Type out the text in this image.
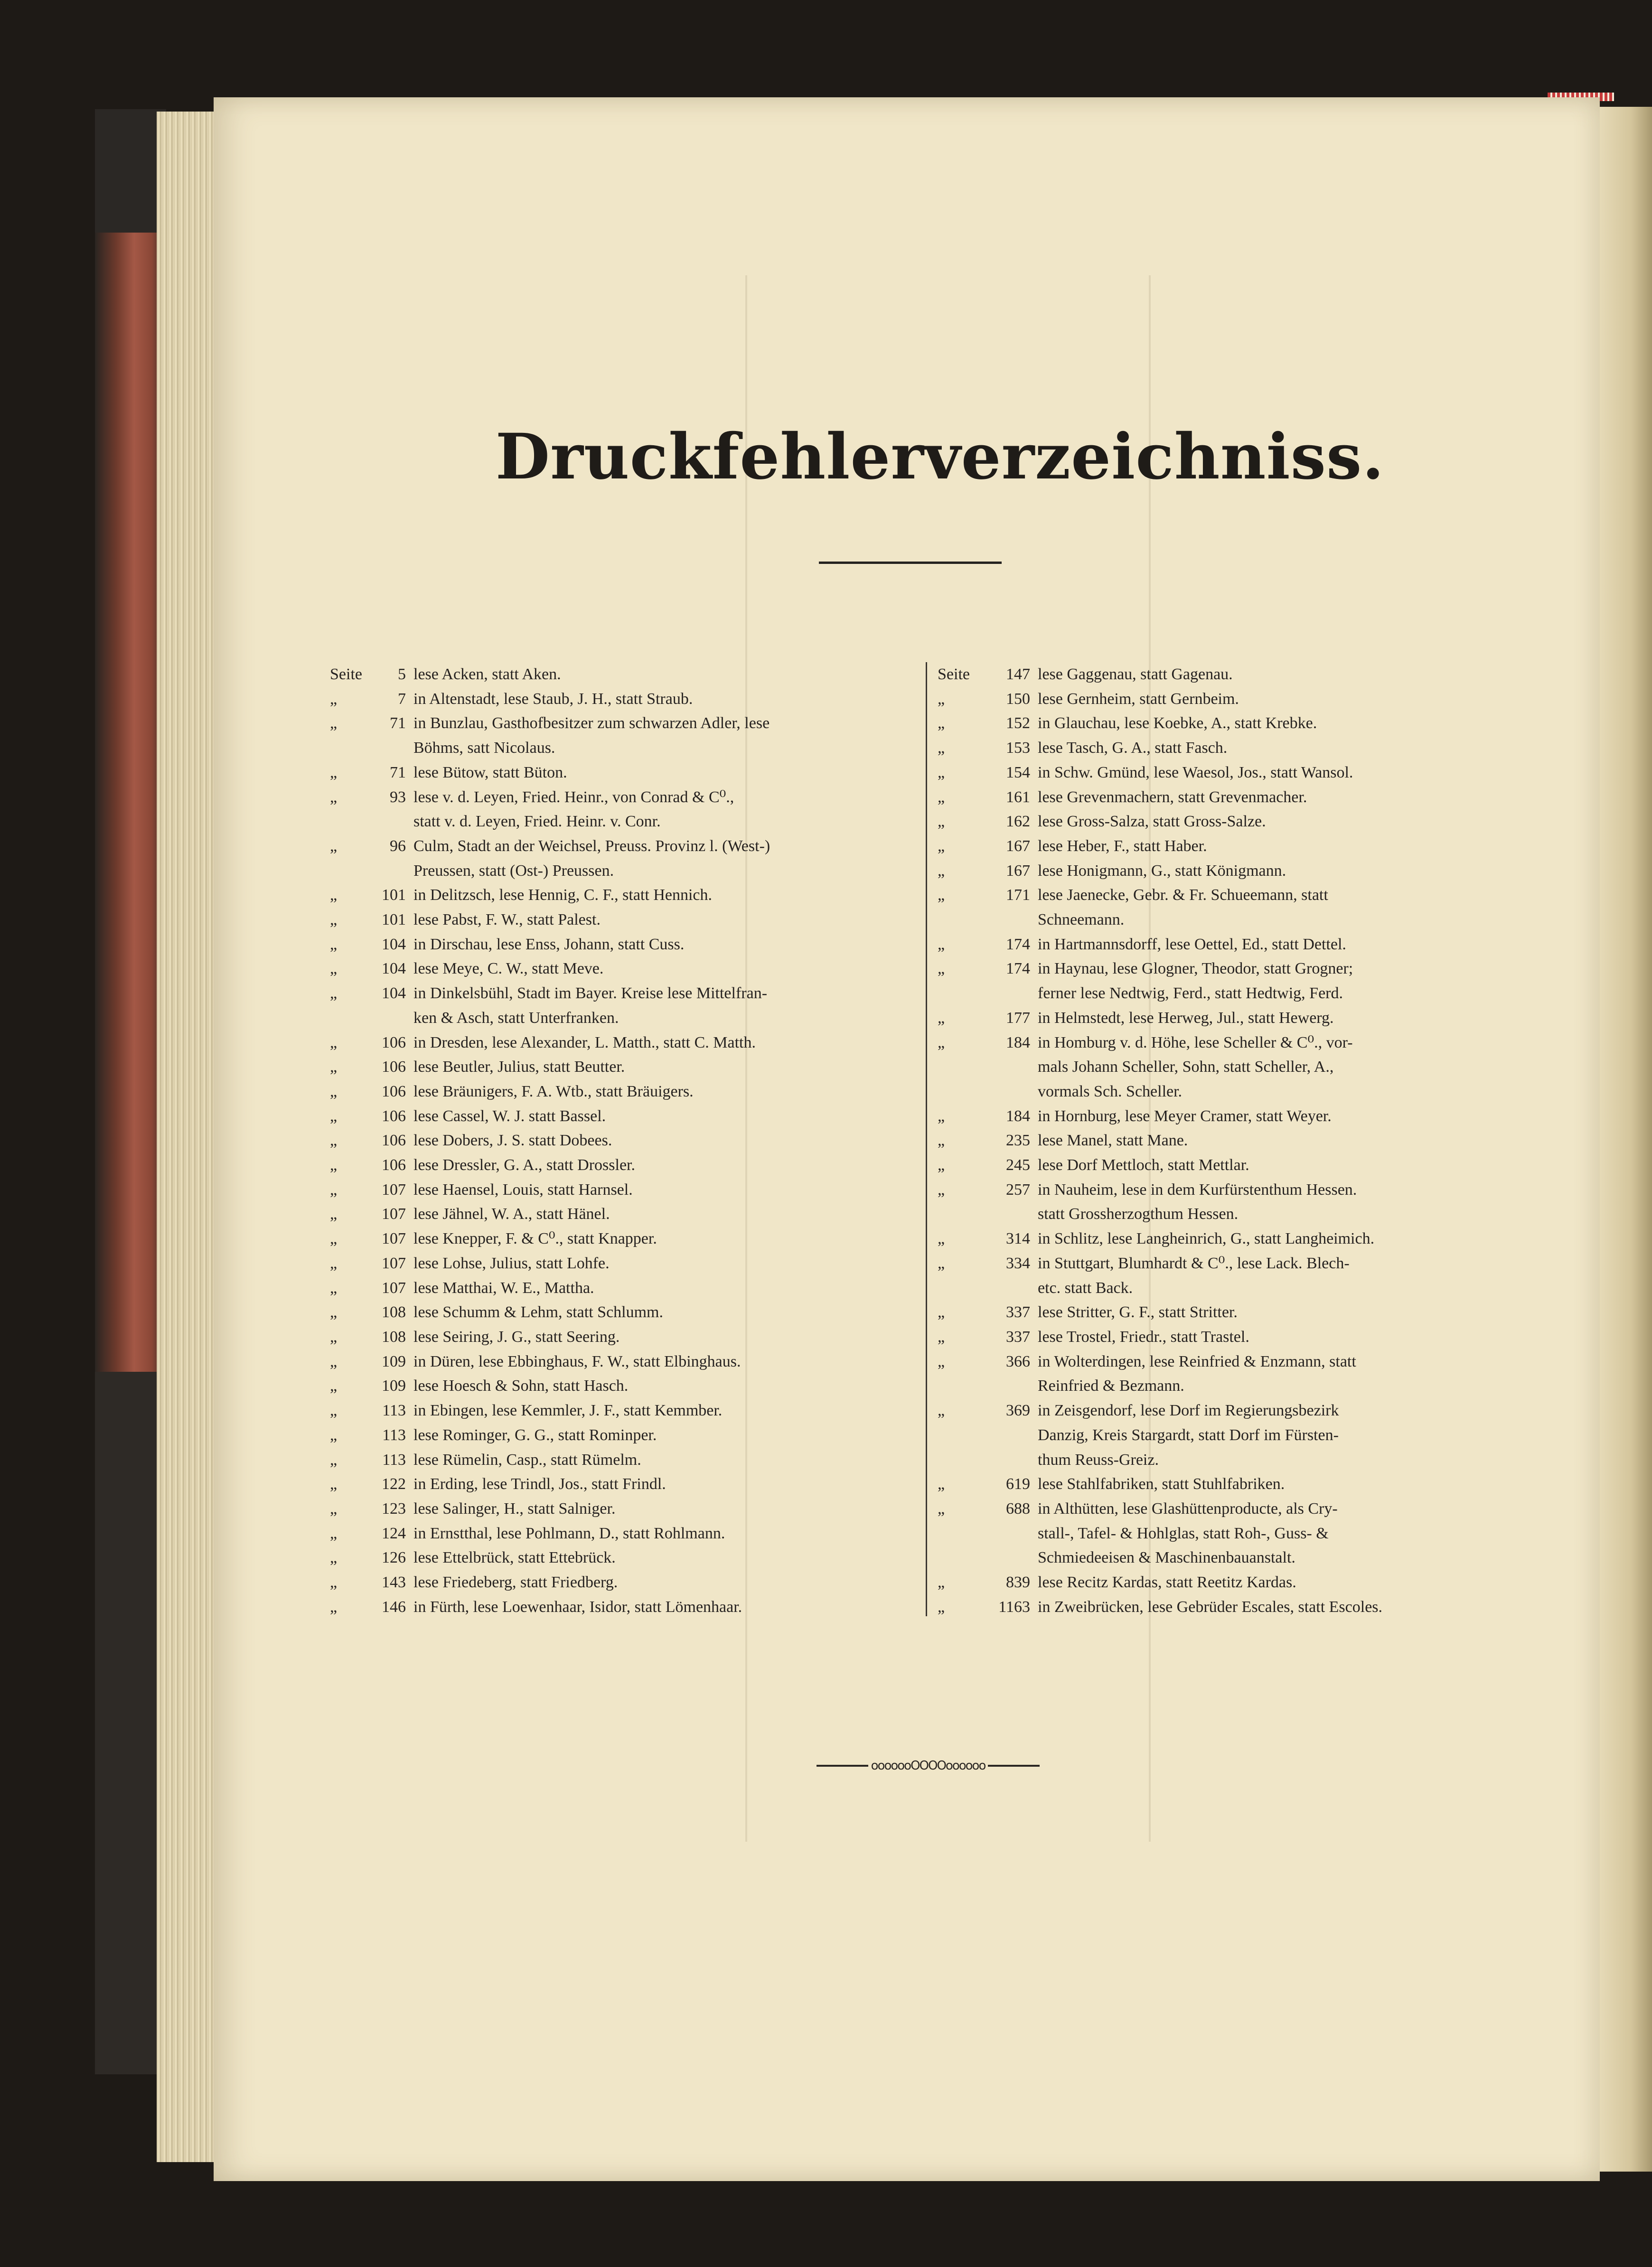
Druckfehlerverzeichniss.
Seite	5 lese Acken, statt Aken.
„	7 in Altenstadt, lese Staub, J. H., statt Straub.
„	71 in Bunzlau, Gasthofbesitzer zum schwarzen Adler, lese
Böhms, satt Nicolaus.
„	71 lese Bütow, statt Büton.
„	93 lese v. d. Leyen, Fried. Heinr., von Conrad & C⁰.,
statt v. d. Leyen, Fried. Heinr. v. Conr.
„	96 Culm, Stadt an der Weichsel, Preuss. Provinz l. (West-)
Preussen, statt (Ost-) Preussen.
„	101 in Delitzsch, lese Hennig, C. F., statt Hennich.
„	101 lese Pabst, F. W., statt Palest.
„	104 in Dirschau, lese Enss, Johann, statt Cuss.
„	104 lese Meye, C. W., statt Meve.
„	104 in Dinkelsbühl, Stadt im Bayer. Kreise lese Mittelfran-
ken & Asch, statt Unterfranken.
„	106 in Dresden, lese Alexander, L. Matth., statt C. Matth.
„	106 lese Beutler, Julius, statt Beutter.
„	106 lese Bräunigers, F. A. Wtb., statt Bräuigers.
„	106 lese Cassel, W. J. statt Bassel.
„	106 lese Dobers, J. S. statt Dobees.
„	106 lese Dressler, G. A., statt Drossler.
„	107 lese Haensel, Louis, statt Harnsel.
„	107 lese Jähnel, W. A., statt Hänel.
„	107 lese Knepper, F. & C⁰., statt Knapper.
„	107 lese Lohse, Julius, statt Lohfe.
„	107 lese Matthai, W. E., Mattha.
„	108 lese Schumm & Lehm, statt Schlumm.
„	108 lese Seiring, J. G., statt Seering.
„	109 in Düren, lese Ebbinghaus, F. W., statt Elbinghaus.
„	109 lese Hoesch & Sohn, statt Hasch.
„	113 in Ebingen, lese Kemmler, J. F., statt Kemmber.
„	113 lese Rominger, G. G., statt Rominper.
„	113 lese Rümelin, Casp., statt Rümelm.
„	122 in Erding, lese Trindl, Jos., statt Frindl.
„	123 lese Salinger, H., statt Salniger.
„	124 in Ernstthal, lese Pohlmann, D., statt Rohlmann.
„	126 lese Ettelbrück, statt Ettebrück.
„	143 lese Friedeberg, statt Friedberg.
„	146 in Fürth, lese Loewenhaar, Isidor, statt Lömenhaar.
Seite	147 lese Gaggenau, statt Gagenau.
„	150 lese Gernheim, statt Gernbeim.
„	152 in Glauchau, lese Koebke, A., statt Krebke.
„	153 lese Tasch, G. A., statt Fasch.
„	154 in Schw. Gmünd, lese Waesol, Jos., statt Wansol.
„	161 lese Grevenmachern, statt Grevenmacher.
„	162 lese Gross-Salza, statt Gross-Salze.
„	167 lese Heber, F., statt Haber.
„	167 lese Honigmann, G., statt Königmann.
„	171 lese Jaenecke, Gebr. & Fr. Schueemann, statt
Schneemann.
„	174 in Hartmannsdorff, lese Oettel, Ed., statt Dettel.
„	174 in Haynau, lese Glogner, Theodor, statt Grogner;
ferner lese Nedtwig, Ferd., statt Hedtwig, Ferd.
„	177 in Helmstedt, lese Herweg, Jul., statt Hewerg.
„	184 in Homburg v. d. Höhe, lese Scheller & C⁰., vor-
mals Johann Scheller, Sohn, statt Scheller, A.,
vormals Sch. Scheller.
„	184 in Hornburg, lese Meyer Cramer, statt Weyer.
„	235 lese Manel, statt Mane.
„	245 lese Dorf Mettloch, statt Mettlar.
„	257 in Nauheim, lese in dem Kurfürstenthum Hessen.
statt Grossherzogthum Hessen.
„	314 in Schlitz, lese Langheinrich, G., statt Langheimich.
„	334 in Stuttgart, Blumhardt & C⁰., lese Lack. Blech-
etc. statt Back.
„	337 lese Stritter, G. F., statt Stritter.
„	337 lese Trostel, Friedr., statt Trastel.
„	366 in Wolterdingen, lese Reinfried & Enzmann, statt
Reinfried & Bezmann.
„	369 in Zeisgendorf, lese Dorf im Regierungsbezirk
Danzig, Kreis Stargardt, statt Dorf im Fürsten-
thum Reuss-Greiz.
„	619 lese Stahlfabriken, statt Stuhlfabriken.
„	688 in Althütten, lese Glashüttenproducte, als Cry-
stall-, Tafel- & Hohlglas, statt Roh-, Guss- &
Schmiedeeisen & Maschinenbauanstalt.
„	839 lese Recitz Kardas, statt Reetitz Kardas.
„	1163 in Zweibrücken, lese Gebrüder Escales, statt Escoles.
ooooooOOOOoooooo
